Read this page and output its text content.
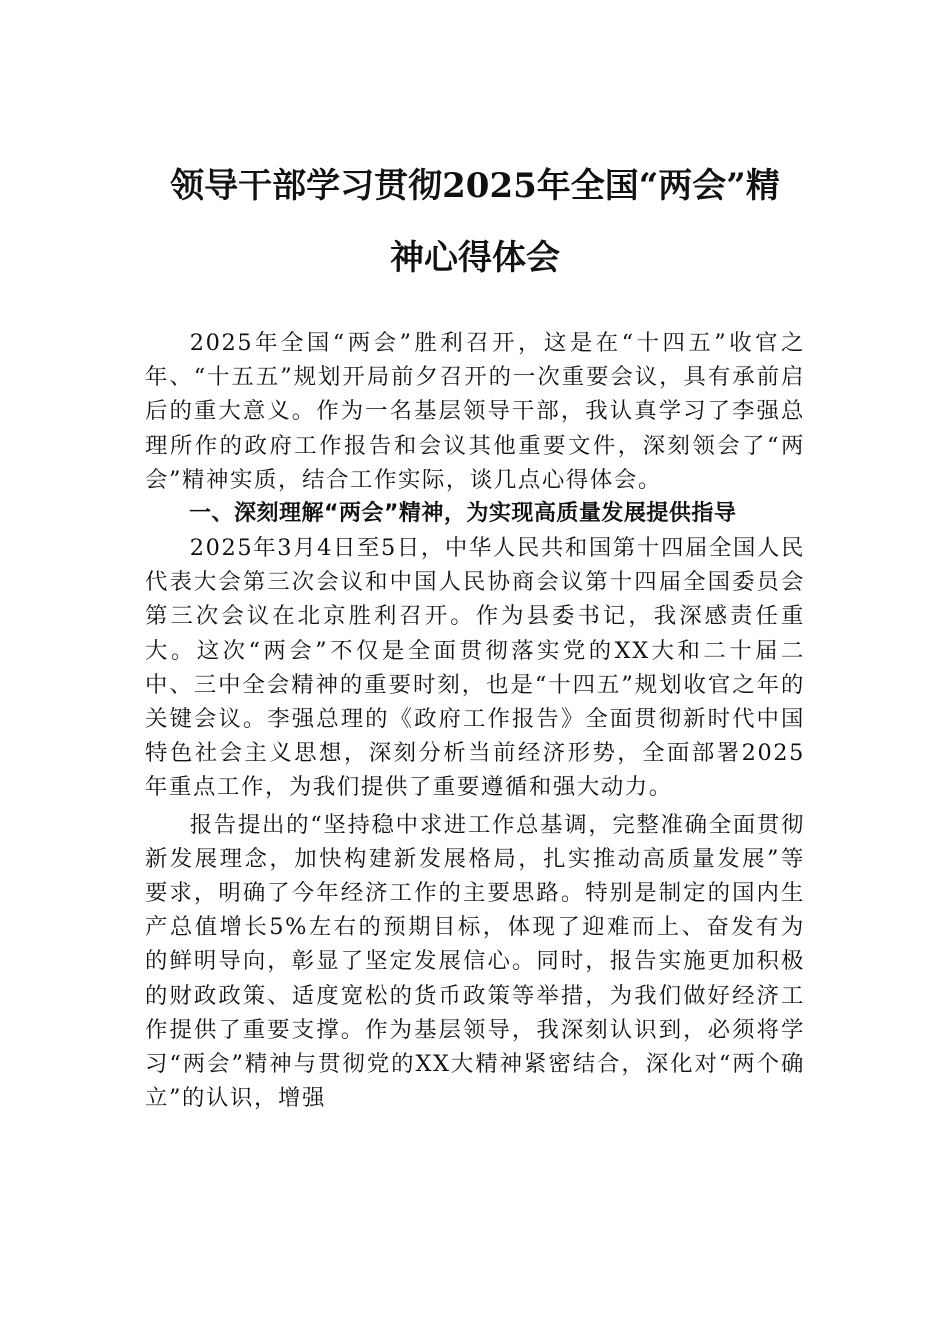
领导干部学习贯彻2025年全国“两会”精
神心得体会

2025年全国“两会”胜利召开，这是在“十四五”收官之年、“十五五”规划开局前夕召开的一次重要会议，具有承前启后的重大意义。作为一名基层领导干部，我认真学习了李强总理所作的政府工作报告和会议其他重要文件，深刻领会了“两会”精神实质，结合工作实际，谈几点心得体会。

一、深刻理解“两会”精神，为实现高质量发展提供指导

2025年3月4日至5日，中华人民共和国第十四届全国人民代表大会第三次会议和中国人民协商会议第十四届全国委员会第三次会议在北京胜利召开。作为县委书记，我深感责任重大。这次“两会”不仅是全面贯彻落实党的XX大和二十届二中、三中全会精神的重要时刻，也是“十四五”规划收官之年的关键会议。李强总理的《政府工作报告》全面贯彻新时代中国特色社会主义思想，深刻分析当前经济形势，全面部署2025年重点工作，为我们提供了重要遵循和强大动力。

报告提出的“坚持稳中求进工作总基调，完整准确全面贯彻新发展理念，加快构建新发展格局，扎实推动高质量发展”等要求，明确了今年经济工作的主要思路。特别是制定的国内生产总值增长5%左右的预期目标，体现了迎难而上、奋发有为的鲜明导向，彰显了坚定发展信心。同时，报告实施更加积极的财政政策、适度宽松的货币政策等举措，为我们做好经济工作提供了重要支撑。作为基层领导，我深刻认识到，必须将学习“两会”精神与贯彻党的XX大精神紧密结合，深化对“两个确立”的认识，增强
